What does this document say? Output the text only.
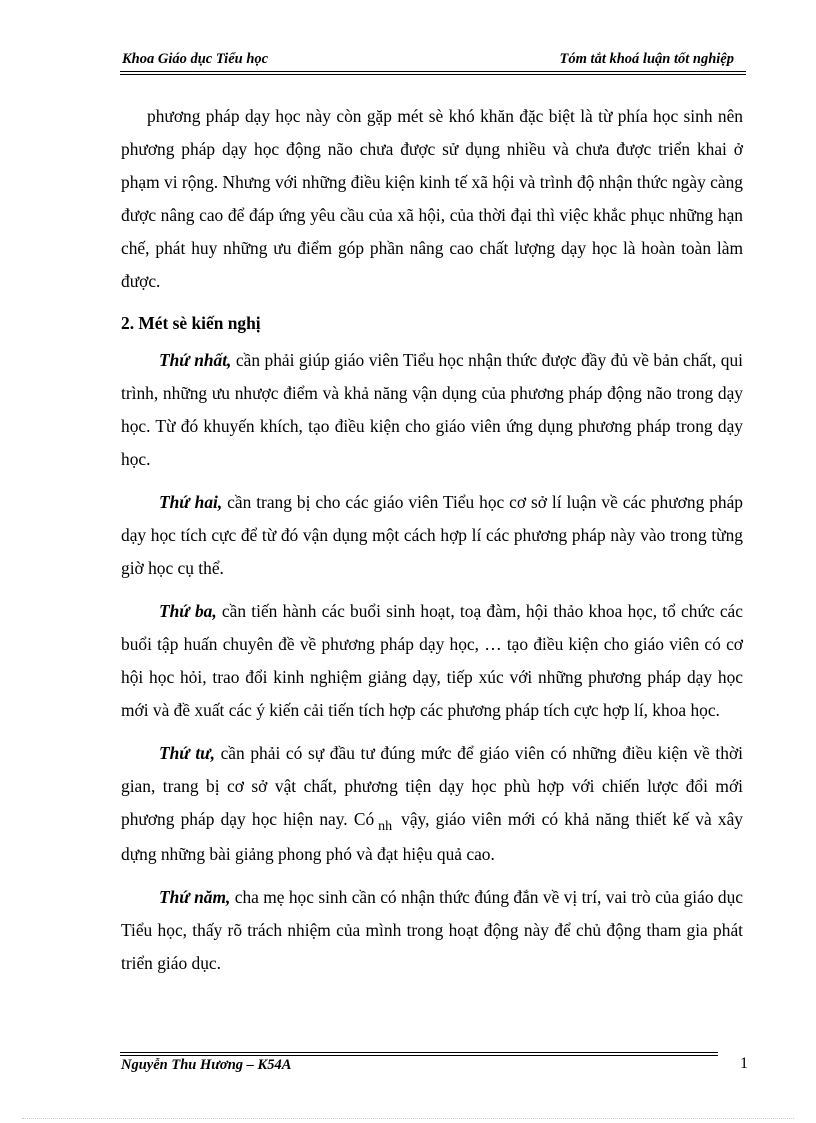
Khoa Giáo dục Tiểu học	Tóm tắt khoá luận tốt nghiệp

phương pháp dạy học này còn gặp mét sè khó khăn đặc biệt là từ phía học sinh nên phương pháp dạy học động não chưa được sử dụng nhiều và chưa được triển khai ở phạm vi rộng. Nhưng với những điều kiện kinh tế xã hội và trình độ nhận thức ngày càng được nâng cao để đáp ứng yêu cầu của xã hội, của thời đại thì việc khắc phục những hạn chế, phát huy những ưu điểm góp phần nâng cao chất lượng dạy học là hoàn toàn làm được.

2. Mét sè kiến nghị

Thứ nhất, cần phải giúp giáo viên Tiểu học nhận thức được đầy đủ về bản chất, qui trình, những ưu nhược điểm và khả năng vận dụng của phương pháp động não trong dạy học. Từ đó khuyến khích, tạo điều kiện cho giáo viên ứng dụng phương pháp trong dạy học.

Thứ hai, cần trang bị cho các giáo viên Tiểu học cơ sở lí luận về các phương pháp dạy học tích cực để từ đó vận dụng một cách hợp lí các phương pháp này vào trong từng giờ học cụ thể.

Thứ ba, cần tiến hành các buổi sinh hoạt, toạ đàm, hội thảo khoa học, tổ chức các buổi tập huấn chuyên đề về phương pháp dạy học, … tạo điều kiện cho giáo viên có cơ hội học hỏi, trao đổi kinh nghiệm giảng dạy, tiếp xúc với những phương pháp dạy học mới và đề xuất các ý kiến cải tiến tích hợp các phương pháp tích cực hợp lí, khoa học.

Thứ tư, cần phải có sự đầu tư đúng mức để giáo viên có những điều kiện về thời gian, trang bị cơ sở vật chất, phương tiện dạy học phù hợp với chiến lược đổi mới phương pháp dạy học hiện nay. Có $_{nh}$ vậy, giáo viên mới có khả năng thiết kế và xây dựng những bài giảng phong phó và đạt hiệu quả cao.

Thứ năm, cha mẹ học sinh cần có nhận thức đúng đắn về vị trí, vai trò của giáo dục Tiểu học, thấy rõ trách nhiệm của mình trong hoạt động này để chủ động tham gia phát triển giáo dục.

Nguyễn Thu Hương – K54A	1
